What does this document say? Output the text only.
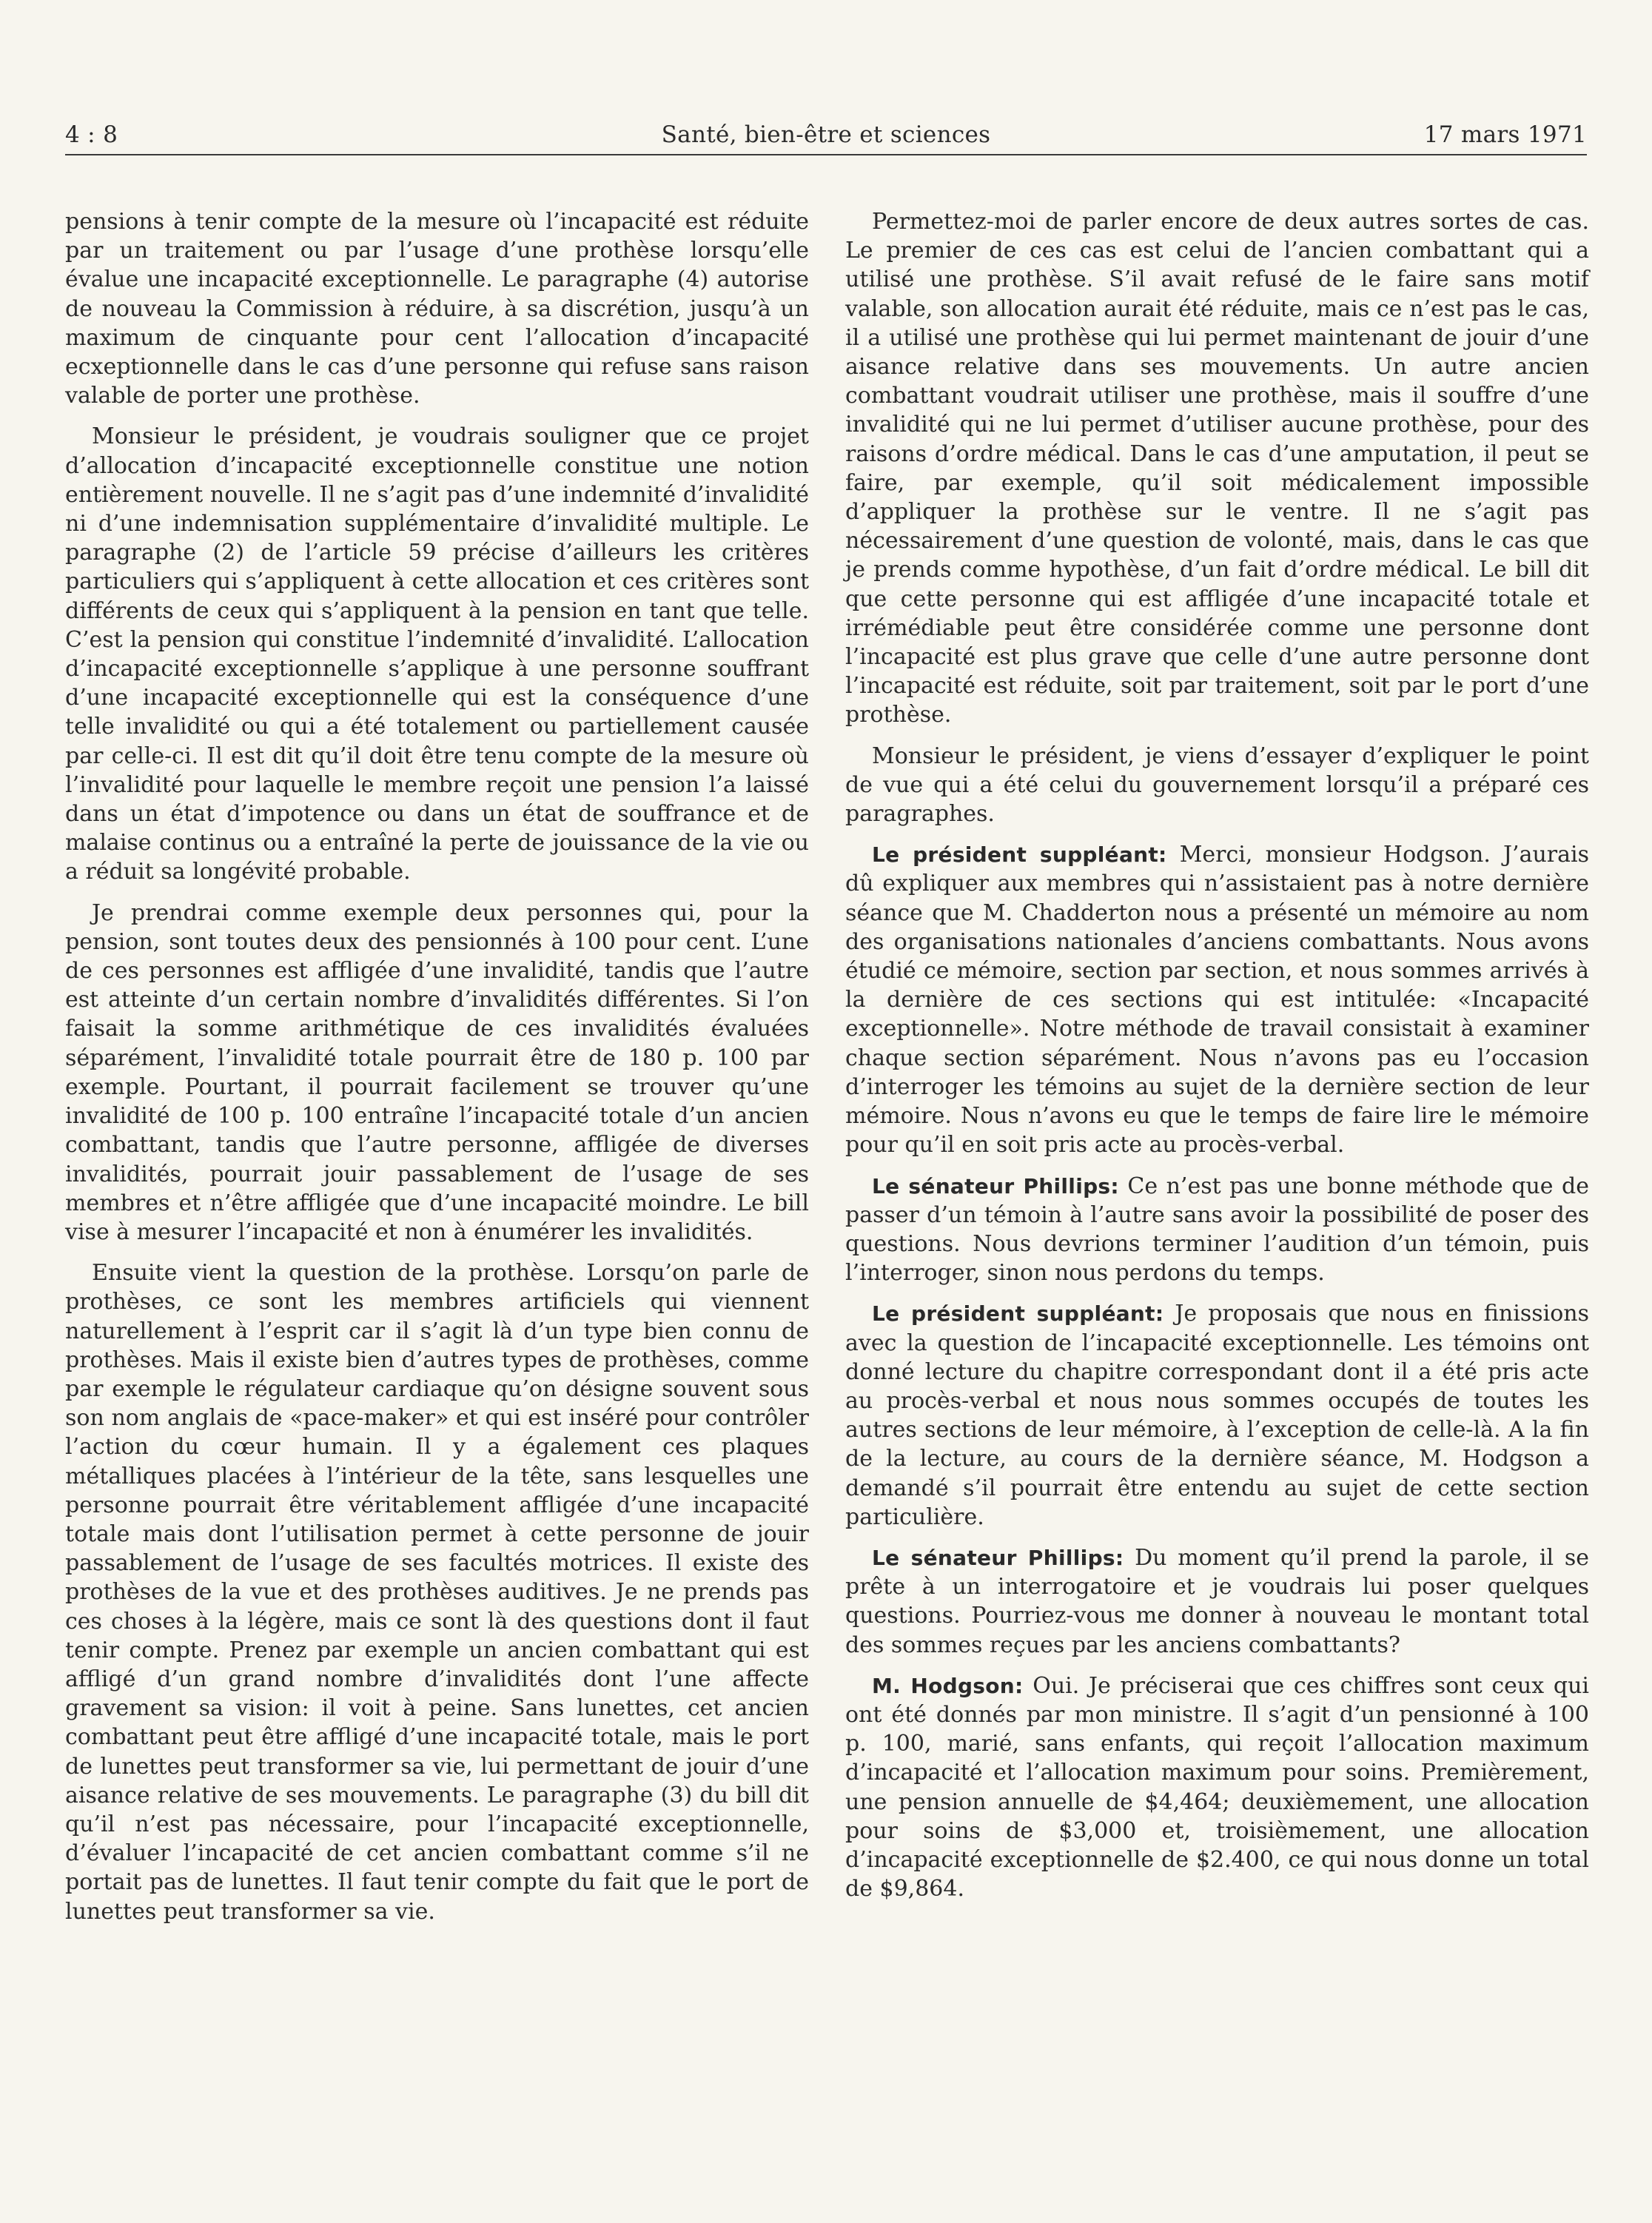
Santé, bien-être et sciences
4 : 8	17 mars 1971

pensions à tenir compte de la mesure où l’incapacité est réduite par un traitement ou par l’usage d’une prothèse lorsqu’elle évalue une incapacité exceptionnelle. Le paragraphe (4) autorise de nouveau la Commission à réduire, à sa discrétion, jusqu’à un maximum de cinquante pour cent l’allocation d’incapacité ecxeptionnelle dans le cas d’une personne qui refuse sans raison valable de porter une prothèse.

Monsieur le président, je voudrais souligner que ce projet d’allocation d’incapacité exceptionnelle constitue une notion entièrement nouvelle. Il ne s’agit pas d’une indemnité d’invalidité ni d’une indemnisation supplémentaire d’invalidité multiple. Le paragraphe (2) de l’article 59 précise d’ailleurs les critères particuliers qui s’appliquent à cette allocation et ces critères sont différents de ceux qui s’appliquent à la pension en tant que telle. C’est la pension qui constitue l’indemnité d’invalidité. L’allocation d’incapacité exceptionnelle s’applique à une personne souffrant d’une incapacité exceptionnelle qui est la conséquence d’une telle invalidité ou qui a été totalement ou partiellement causée par celle-ci. Il est dit qu’il doit être tenu compte de la mesure où l’invalidité pour laquelle le membre reçoit une pension l’a laissé dans un état d’impotence ou dans un état de souffrance et de malaise continus ou a entraîné la perte de jouissance de la vie ou a réduit sa longévité probable.

Je prendrai comme exemple deux personnes qui, pour la pension, sont toutes deux des pensionnés à 100 pour cent. L’une de ces personnes est affligée d’une invalidité, tandis que l’autre est atteinte d’un certain nombre d’invalidités différentes. Si l’on faisait la somme arithmétique de ces invalidités évaluées séparément, l’invalidité totale pourrait être de 180 p. 100 par exemple. Pourtant, il pourrait facilement se trouver qu’une invalidité de 100 p. 100 entraîne l’incapacité totale d’un ancien combattant, tandis que l’autre personne, affligée de diverses invalidités, pourrait jouir passablement de l’usage de ses membres et n’être affligée que d’une incapacité moindre. Le bill vise à mesurer l’incapacité et non à énumérer les invalidités.

Ensuite vient la question de la prothèse. Lorsqu’on parle de prothèses, ce sont les membres artificiels qui viennent naturellement à l’esprit car il s’agit là d’un type bien connu de prothèses. Mais il existe bien d’autres types de prothèses, comme par exemple le régulateur cardiaque qu’on désigne souvent sous son nom anglais de «pace-maker» et qui est inséré pour contrôler l’action du cœur humain. Il y a également ces plaques métalliques placées à l’intérieur de la tête, sans lesquelles une personne pourrait être véritablement affligée d’une incapacité totale mais dont l’utilisation permet à cette personne de jouir passablement de l’usage de ses facultés motrices. Il existe des prothèses de la vue et des prothèses auditives. Je ne prends pas ces choses à la légère, mais ce sont là des questions dont il faut tenir compte. Prenez par exemple un ancien combattant qui est affligé d’un grand nombre d’invalidités dont l’une affecte gravement sa vision: il voit à peine. Sans lunettes, cet ancien combattant peut être affligé d’une incapacité totale, mais le port de lunettes peut transformer sa vie, lui permettant de jouir d’une aisance relative de ses mouvements. Le paragraphe (3) du bill dit qu’il n’est pas nécessaire, pour l’incapacité exceptionnelle, d’évaluer l’incapacité de cet ancien combattant comme s’il ne portait pas de lunettes. Il faut tenir compte du fait que le port de lunettes peut transformer sa vie.

Permettez-moi de parler encore de deux autres sortes de cas. Le premier de ces cas est celui de l’ancien combattant qui a utilisé une prothèse. S’il avait refusé de le faire sans motif valable, son allocation aurait été réduite, mais ce n’est pas le cas, il a utilisé une prothèse qui lui permet maintenant de jouir d’une aisance relative dans ses mouvements. Un autre ancien combattant voudrait utiliser une prothèse, mais il souffre d’une invalidité qui ne lui permet d’utiliser aucune prothèse, pour des raisons d’ordre médical. Dans le cas d’une amputation, il peut se faire, par exemple, qu’il soit médicalement impossible d’appliquer la prothèse sur le ventre. Il ne s’agit pas nécessairement d’une question de volonté, mais, dans le cas que je prends comme hypothèse, d’un fait d’ordre médical. Le bill dit que cette personne qui est affligée d’une incapacité totale et irrémédiable peut être considérée comme une personne dont l’incapacité est plus grave que celle d’une autre personne dont l’incapacité est réduite, soit par traitement, soit par le port d’une prothèse.

Monsieur le président, je viens d’essayer d’expliquer le point de vue qui a été celui du gouvernement lorsqu’il a préparé ces paragraphes.

Le président suppléant: Merci, monsieur Hodgson. J’aurais dû expliquer aux membres qui n’assistaient pas à notre dernière séance que M. Chadderton nous a présenté un mémoire au nom des organisations nationales d’anciens combattants. Nous avons étudié ce mémoire, section par section, et nous sommes arrivés à la dernière de ces sections qui est intitulée: «Incapacité exceptionnelle». Notre méthode de travail consistait à examiner chaque section séparément. Nous n’avons pas eu l’occasion d’interroger les témoins au sujet de la dernière section de leur mémoire. Nous n’avons eu que le temps de faire lire le mémoire pour qu’il en soit pris acte au procès-verbal.

Le sénateur Phillips: Ce n’est pas une bonne méthode que de passer d’un témoin à l’autre sans avoir la possibilité de poser des questions. Nous devrions terminer l’audition d’un témoin, puis l’interroger, sinon nous perdons du temps.

Le président suppléant: Je proposais que nous en finissions avec la question de l’incapacité exceptionnelle. Les témoins ont donné lecture du chapitre correspondant dont il a été pris acte au procès-verbal et nous nous sommes occupés de toutes les autres sections de leur mémoire, à l’exception de celle-là. A la fin de la lecture, au cours de la dernière séance, M. Hodgson a demandé s’il pourrait être entendu au sujet de cette section particulière.

Le sénateur Phillips: Du moment qu’il prend la parole, il se prête à un interrogatoire et je voudrais lui poser quelques questions. Pourriez-vous me donner à nouveau le montant total des sommes reçues par les anciens combattants?

M. Hodgson: Oui. Je préciserai que ces chiffres sont ceux qui ont été donnés par mon ministre. Il s’agit d’un pensionné à 100 p. 100, marié, sans enfants, qui reçoit l’allocation maximum d’incapacité et l’allocation maximum pour soins. Premièrement, une pension annuelle de $4,464; deuxièmement, une allocation pour soins de $3,000 et, troisièmement, une allocation d’incapacité exceptionnelle de $2.400, ce qui nous donne un total de $9,864.
